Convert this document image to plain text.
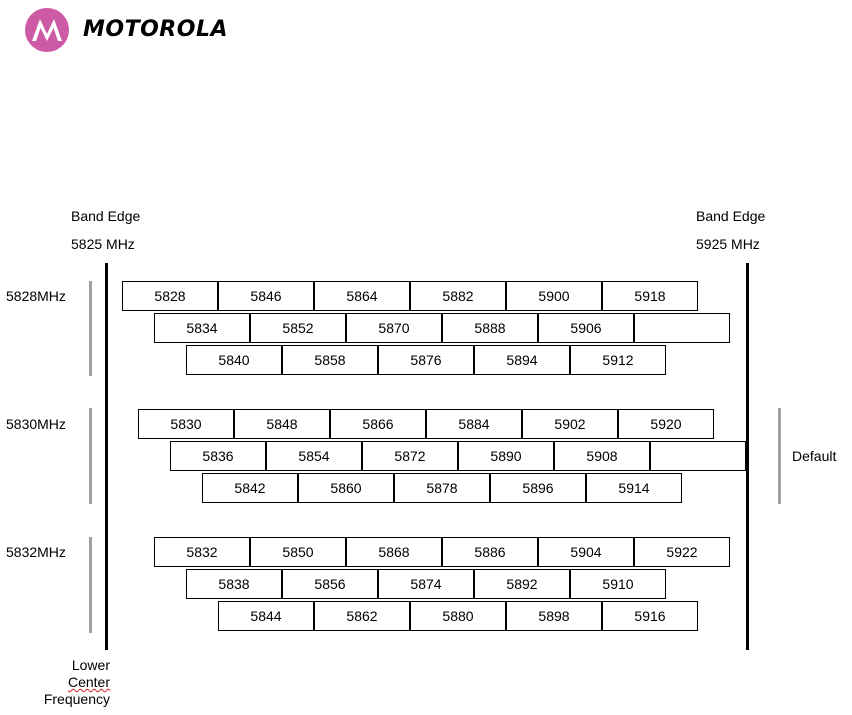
MOTOROLA
Band Edge
5825 MHz
Band Edge
5925 MHz
5828MHz
5830MHz
5832MHz
Default
5828	5846	5864	5882	5900	5918
5834	5852	5870	5888	5906
5840	5858	5876	5894	5912
5830	5848	5866	5884	5902	5920
5836	5854	5872	5890	5908
5842	5860	5878	5896	5914
5832	5850	5868	5886	5904	5922
5838	5856	5874	5892	5910
5844	5862	5880	5898	5916
Lower
Center
Frequency
